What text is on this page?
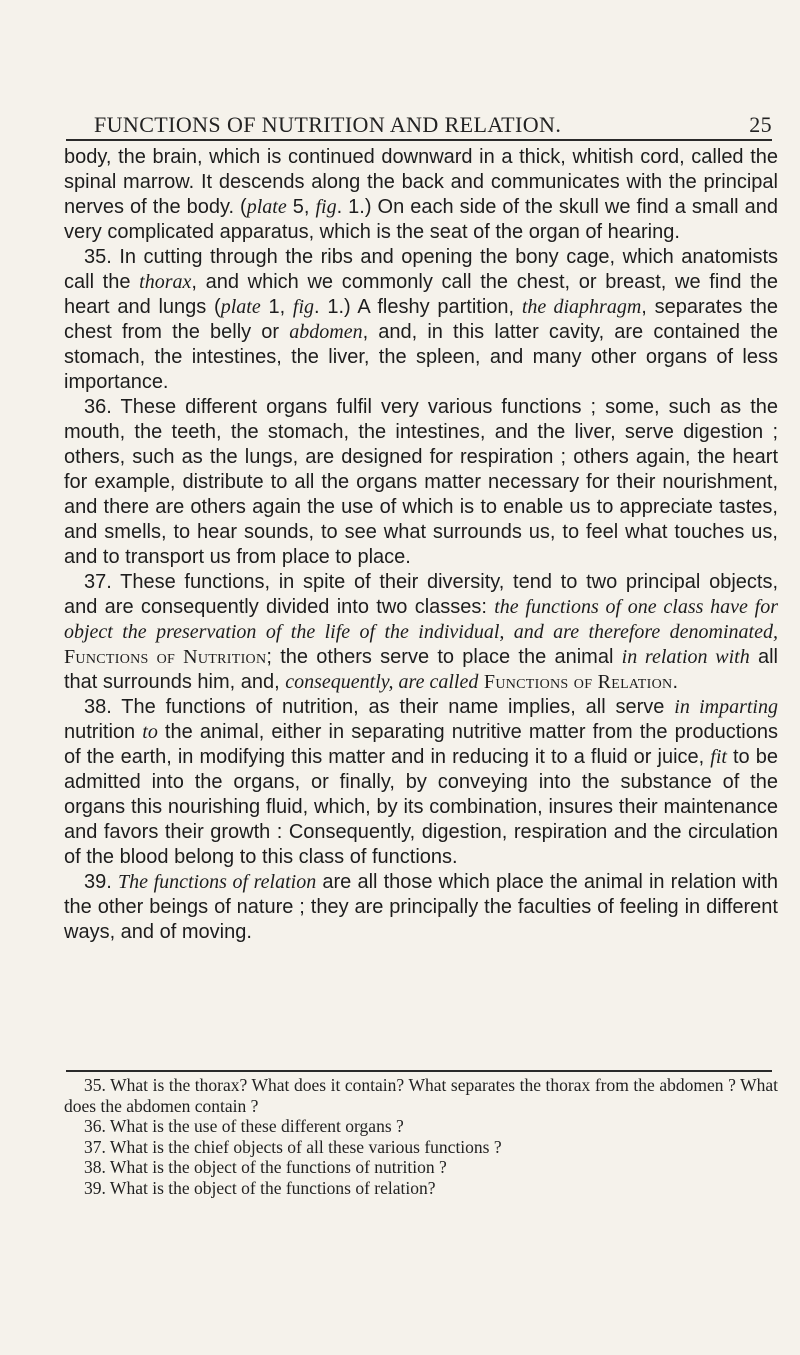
FUNCTIONS OF NUTRITION AND RELATION.	25

body, the brain, which is continued downward in a thick, whitish cord, called the spinal marrow. It descends along the back and communicates with the principal nerves of the body. (plate 5, fig. 1.) On each side of the skull we find a small and very complicated apparatus, which is the seat of the organ of hearing.

35. In cutting through the ribs and opening the bony cage, which anatomists call the thorax, and which we commonly call the chest, or breast, we find the heart and lungs (plate 1, fig. 1.) A fleshy partition, the diaphragm, separates the chest from the belly or abdomen, and, in this latter cavity, are contained the stomach, the intestines, the liver, the spleen, and many other organs of less importance.

36. These different organs fulfil very various functions ; some, such as the mouth, the teeth, the stomach, the intestines, and the liver, serve digestion ; others, such as the lungs, are designed for respiration ; others again, the heart for example, distribute to all the organs matter necessary for their nourishment, and there are others again the use of which is to enable us to appreciate tastes, and smells, to hear sounds, to see what surrounds us, to feel what touches us, and to transport us from place to place.

37. These functions, in spite of their diversity, tend to two principal objects, and are consequently divided into two classes: the functions of one class have for object the preservation of the life of the individual, and are therefore denominated, Functions of Nutrition; the others serve to place the animal in relation with all that surrounds him, and, consequently, are called Functions of Relation.

38. The functions of nutrition, as their name implies, all serve in imparting nutrition to the animal, either in separating nutritive matter from the productions of the earth, in modifying this matter and in reducing it to a fluid or juice, fit to be admitted into the organs, or finally, by conveying into the substance of the organs this nourishing fluid, which, by its combination, insures their maintenance and favors their growth : Consequently, digestion, respiration and the circulation of the blood belong to this class of functions.

39. The functions of relation are all those which place the animal in relation with the other beings of nature ; they are principally the faculties of feeling in different ways, and of moving.

35. What is the thorax? What does it contain? What separates the thorax from the abdomen ? What does the abdomen contain ?

36. What is the use of these different organs ?

37. What is the chief objects of all these various functions ?

38. What is the object of the functions of nutrition ?

39. What is the object of the functions of relation?
